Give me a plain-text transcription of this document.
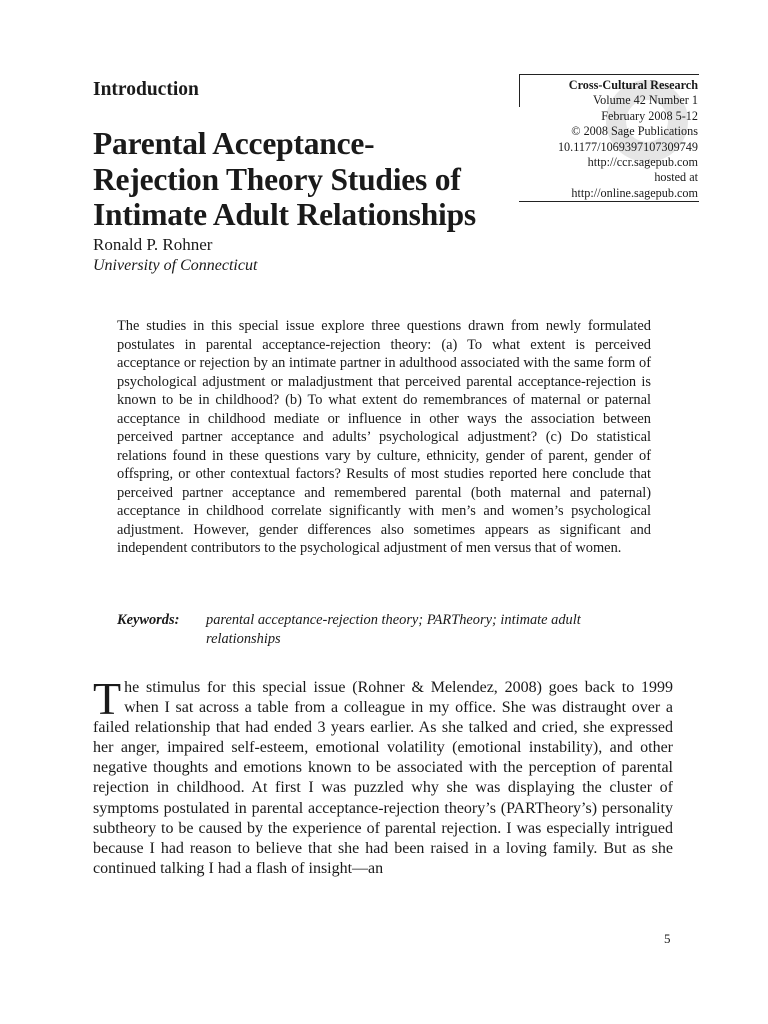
Introduction	Cross-Cultural Research
Volume 42 Number 1
February 2008 5-12
© 2008 Sage Publications
10.1177/1069397107309749
http://ccr.sagepub.com
hosted at
http://online.sagepub.com
Parental Acceptance-
Rejection Theory Studies of
Intimate Adult Relationships
Ronald P. Rohner
University of Connecticut

The studies in this special issue explore three questions drawn from newly formulated postulates in parental acceptance-rejection theory: (a) To what extent is perceived acceptance or rejection by an intimate partner in adulthood associated with the same form of psychological adjustment or maladjustment that perceived parental acceptance-rejection is known to be in childhood? (b) To what extent do remembrances of maternal or paternal acceptance in childhood mediate or influence in other ways the association between perceived partner acceptance and adults’ psychological adjustment? (c) Do statistical relations found in these questions vary by culture, ethnicity, gender of parent, gender of offspring, or other contextual factors? Results of most studies reported here conclude that perceived partner acceptance and remembered parental (both maternal and paternal) acceptance in childhood correlate significantly with men’s and women’s psychological adjustment. However, gender differences also sometimes appears as significant and independent contributors to the psychological adjustment of men versus that of women.

Keywords: parental acceptance-rejection theory; PARTheory; intimate adult relationships

The stimulus for this special issue (Rohner & Melendez, 2008) goes back to 1999 when I sat across a table from a colleague in my office. She was distraught over a failed relationship that had ended 3 years earlier. As she talked and cried, she expressed her anger, impaired self-esteem, emotional volatility (emotional instability), and other negative thoughts and emotions known to be associated with the perception of parental rejection in childhood. At first I was puzzled why she was displaying the cluster of symptoms postulated in parental acceptance-rejection theory’s (PARTheory’s) personality subtheory to be caused by the experience of parental rejection. I was especially intrigued because I had reason to believe that she had been raised in a loving family. But as she continued talking I had a flash of insight—an

5
